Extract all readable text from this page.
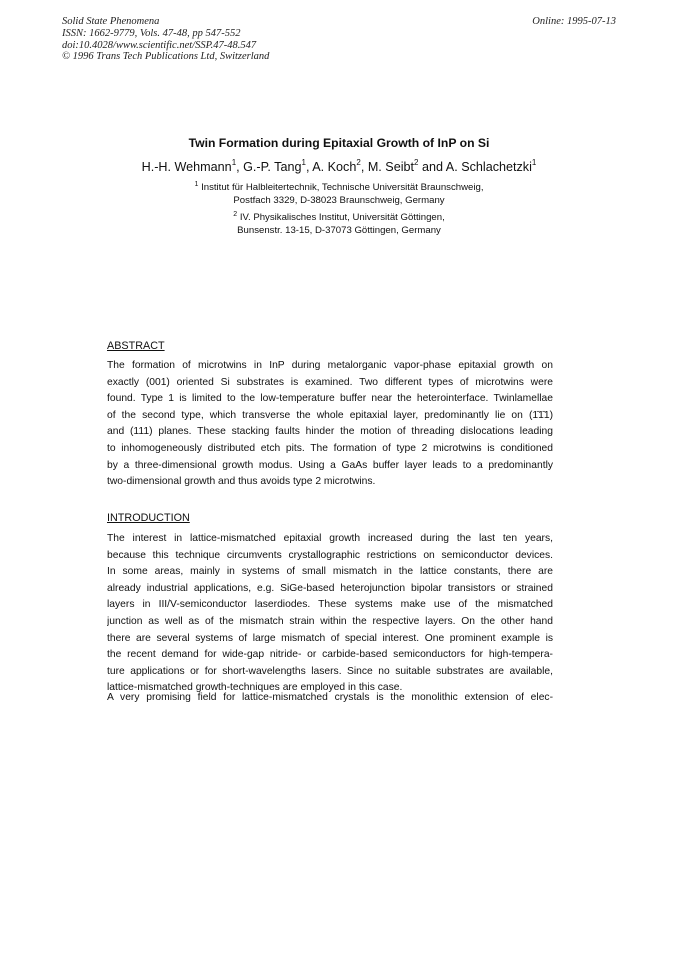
Solid State Phenomena
ISSN: 1662-9779, Vols. 47-48, pp 547-552
doi:10.4028/www.scientific.net/SSP.47-48.547
© 1996 Trans Tech Publications Ltd, Switzerland
Online: 1995-07-13
Twin Formation during Epitaxial Growth of InP on Si
H.-H. Wehmann$^1$, G.-P. Tang$^1$, A. Koch$^2$, M. Seibt$^2$ and A. Schlachetzki$^1$
$^1$ Institut für Halbleitertechnik, Technische Universität Braunschweig,
Postfach 3329, D-38023 Braunschweig, Germany
$^2$ IV. Physikalisches Institut, Universität Göttingen,
Bunsenstr. 13-15, D-37073 Göttingen, Germany
ABSTRACT
The formation of microtwins in InP during metalorganic vapor-phase epitaxial growth on
exactly (001) oriented Si substrates is examined. Two different types of microtwins were
found. Type 1 is limited to the low-temperature buffer near the heterointerface. Twinlamellae
of the second type, which transverse the whole epitaxial layer, predominantly lie on (1̄1̄1)
and (111) planes. These stacking faults hinder the motion of threading dislocations leading
to inhomogeneously distributed etch pits. The formation of type 2 microtwins is conditioned
by a three-dimensional growth modus. Using a GaAs buffer layer leads to a predominantly
two-dimensional growth and thus avoids type 2 microtwins.
INTRODUCTION
The interest in lattice-mismatched epitaxial growth increased during the last ten years,
because this technique circumvents crystallographic restrictions on semiconductor devices.
In some areas, mainly in systems of small mismatch in the lattice constants, there are
already industrial applications, e.g. SiGe-based heterojunction bipolar transistors or strained
layers in III/V-semiconductor laserdiodes. These systems make use of the mismatched
junction as well as of the mismatch strain within the respective layers. On the other hand
there are several systems of large mismatch of special interest. One prominent example is
the recent demand for wide-gap nitride- or carbide-based semiconductors for high-tempera-
ture applications or for short-wavelengths lasers. Since no suitable substrates are available,
lattice-mismatched growth-techniques are employed in this case.
A very promising field for lattice-mismatched crystals is the monolithic extension of elec-
